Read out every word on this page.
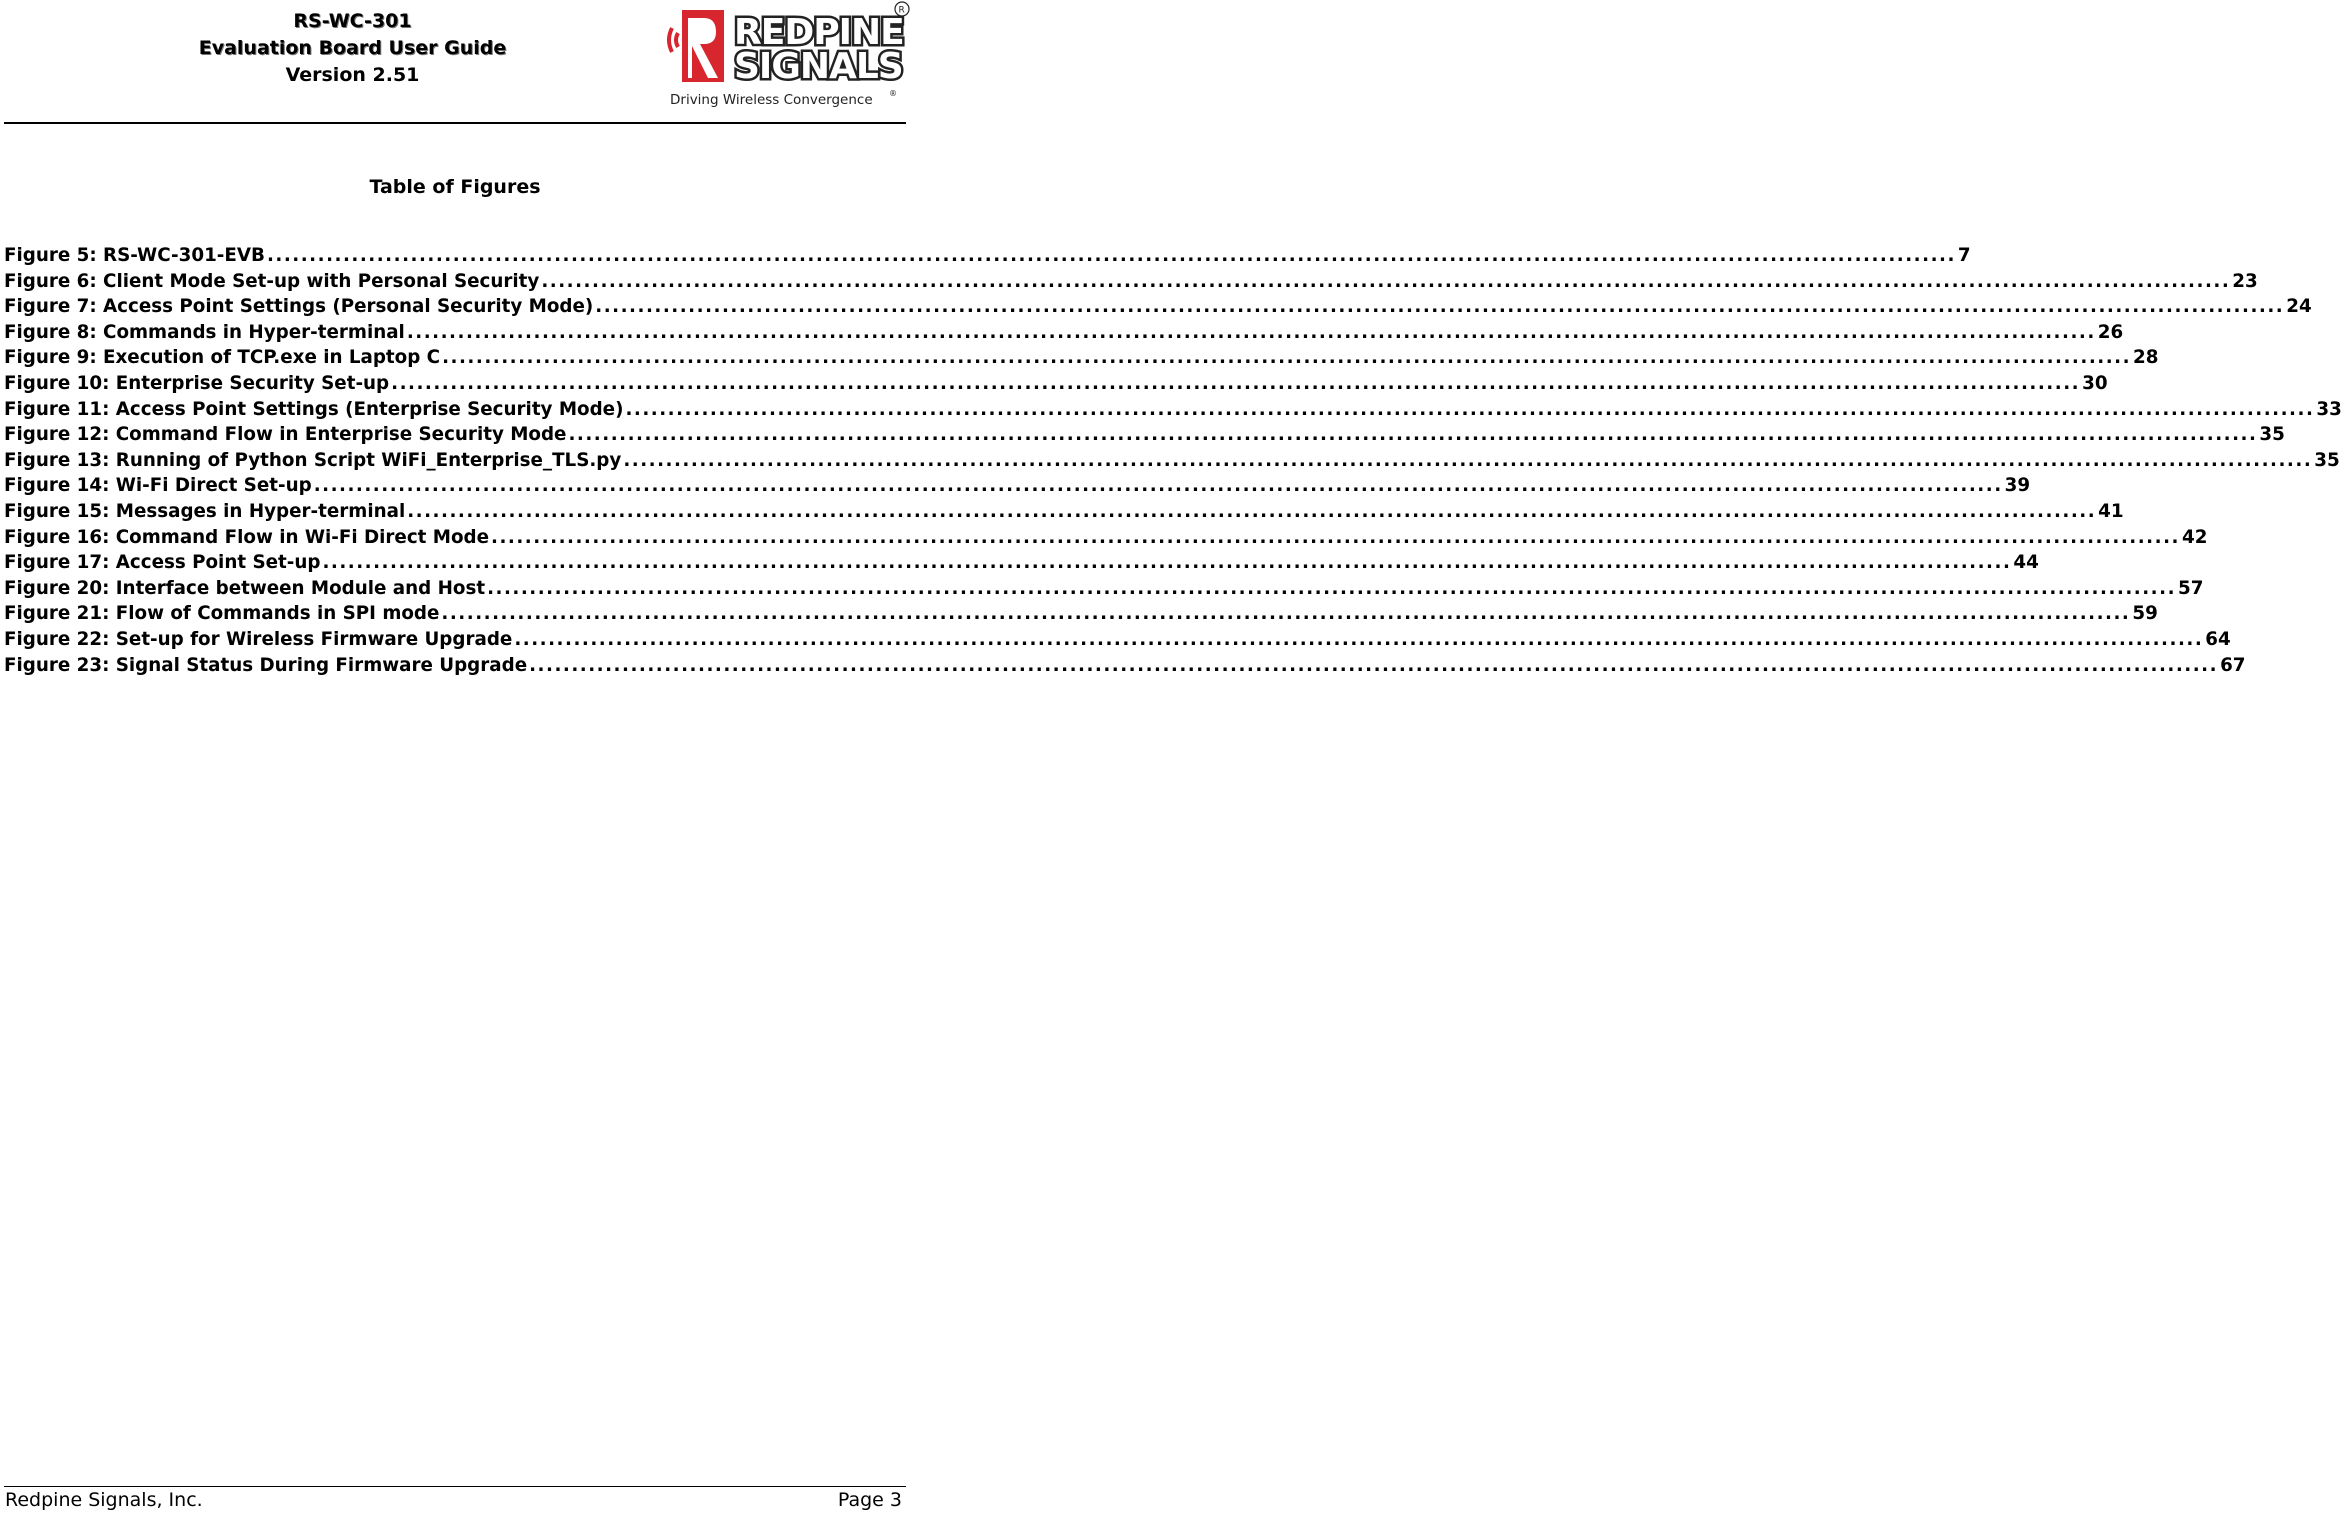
RS-WC-301
Evaluation Board User Guide
Version 2.51
REDPINE
SIGNALS
Driving Wireless Convergence ®
R
Table of Figures
Figure 5: RS-WC-301-EVB ........................................................................................................................................................................................................ 7
Figure 6: Client Mode Set-up with Personal Security ........................................................................................................................................................................................................ 23
Figure 7: Access Point Settings (Personal Security Mode) ........................................................................................................................................................................................................ 24
Figure 8: Commands in Hyper-terminal ........................................................................................................................................................................................................ 26
Figure 9: Execution of TCP.exe in Laptop C ........................................................................................................................................................................................................ 28
Figure 10: Enterprise Security Set-up ........................................................................................................................................................................................................ 30
Figure 11: Access Point Settings (Enterprise Security Mode) ........................................................................................................................................................................................................ 33
Figure 12: Command Flow in Enterprise Security Mode ........................................................................................................................................................................................................ 35
Figure 13: Running of Python Script WiFi_Enterprise_TLS.py ........................................................................................................................................................................................................ 35
Figure 14: Wi-Fi Direct Set-up ........................................................................................................................................................................................................ 39
Figure 15: Messages in Hyper-terminal ........................................................................................................................................................................................................ 41
Figure 16: Command Flow in Wi-Fi Direct Mode ........................................................................................................................................................................................................ 42
Figure 17: Access Point Set-up ........................................................................................................................................................................................................ 44
Figure 20: Interface between Module and Host ........................................................................................................................................................................................................ 57
Figure 21: Flow of Commands in SPI mode ........................................................................................................................................................................................................ 59
Figure 22: Set-up for Wireless Firmware Upgrade ........................................................................................................................................................................................................ 64
Figure 23: Signal Status During Firmware Upgrade ........................................................................................................................................................................................................ 67
Redpine Signals, Inc.	Page 3
